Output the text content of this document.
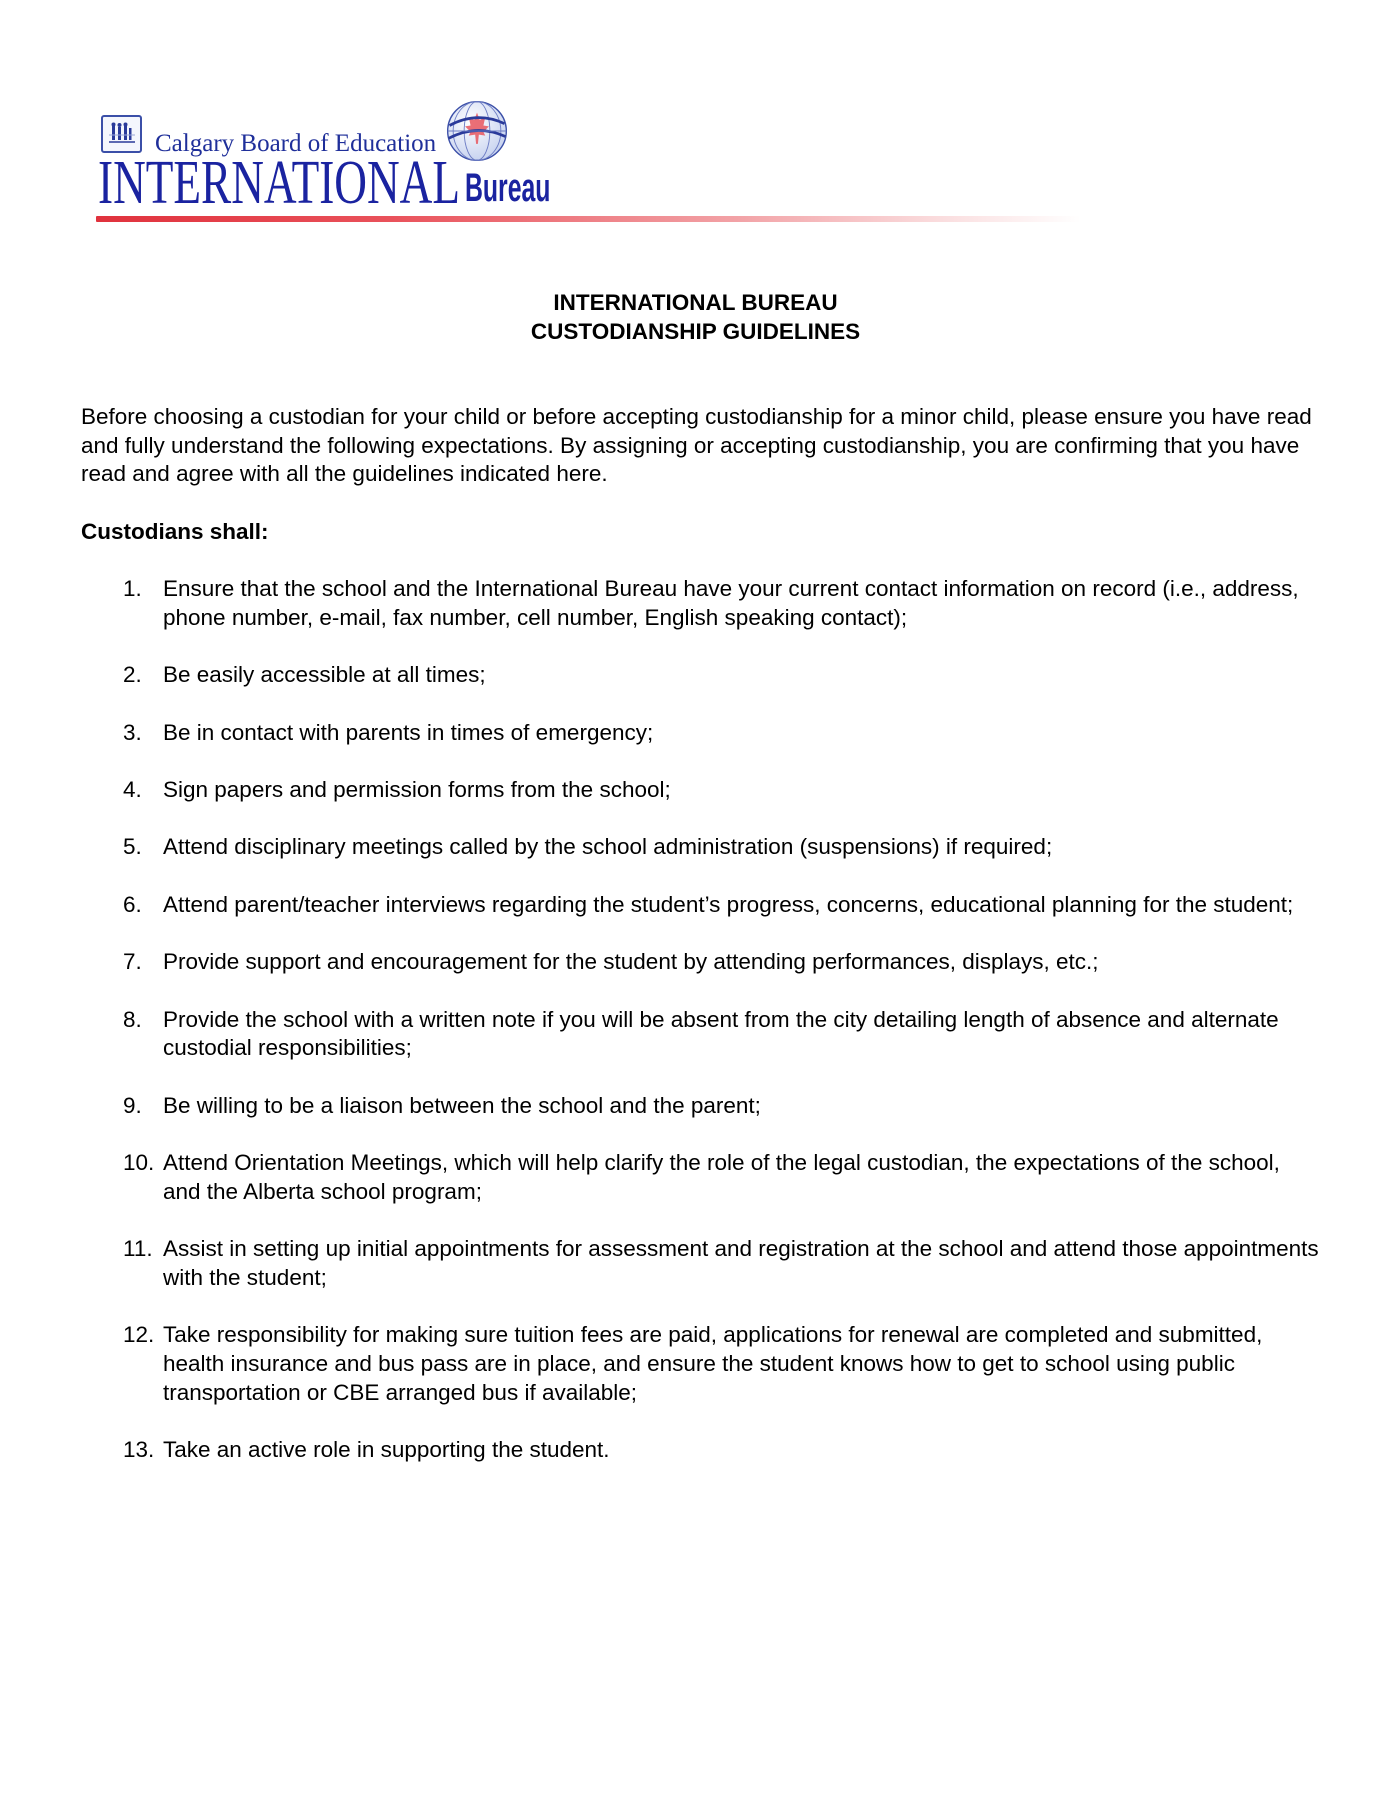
Calgary Board of Education
INTERNATIONAL Bureau
INTERNATIONAL BUREAU
CUSTODIANSHIP GUIDELINES

Before choosing a custodian for your child or before accepting custodianship for a minor child, please ensure you have read and fully understand the following expectations. By assigning or accepting custodianship, you are confirming that you have read and agree with all the guidelines indicated here.

Custodians shall:

1. Ensure that the school and the International Bureau have your current contact information on record (i.e., address, phone number, e-mail, fax number, cell number, English speaking contact);
2. Be easily accessible at all times;
3. Be in contact with parents in times of emergency;
4. Sign papers and permission forms from the school;
5. Attend disciplinary meetings called by the school administration (suspensions) if required;
6. Attend parent/teacher interviews regarding the student’s progress, concerns, educational planning for the student;
7. Provide support and encouragement for the student by attending performances, displays, etc.;
8. Provide the school with a written note if you will be absent from the city detailing length of absence and alternate custodial responsibilities;
9. Be willing to be a liaison between the school and the parent;
10. Attend Orientation Meetings, which will help clarify the role of the legal custodian, the expectations of the school, and the Alberta school program;
11. Assist in setting up initial appointments for assessment and registration at the school and attend those appointments with the student;
12. Take responsibility for making sure tuition fees are paid, applications for renewal are completed and submitted, health insurance and bus pass are in place, and ensure the student knows how to get to school using public transportation or CBE arranged bus if available;
13. Take an active role in supporting the student.
